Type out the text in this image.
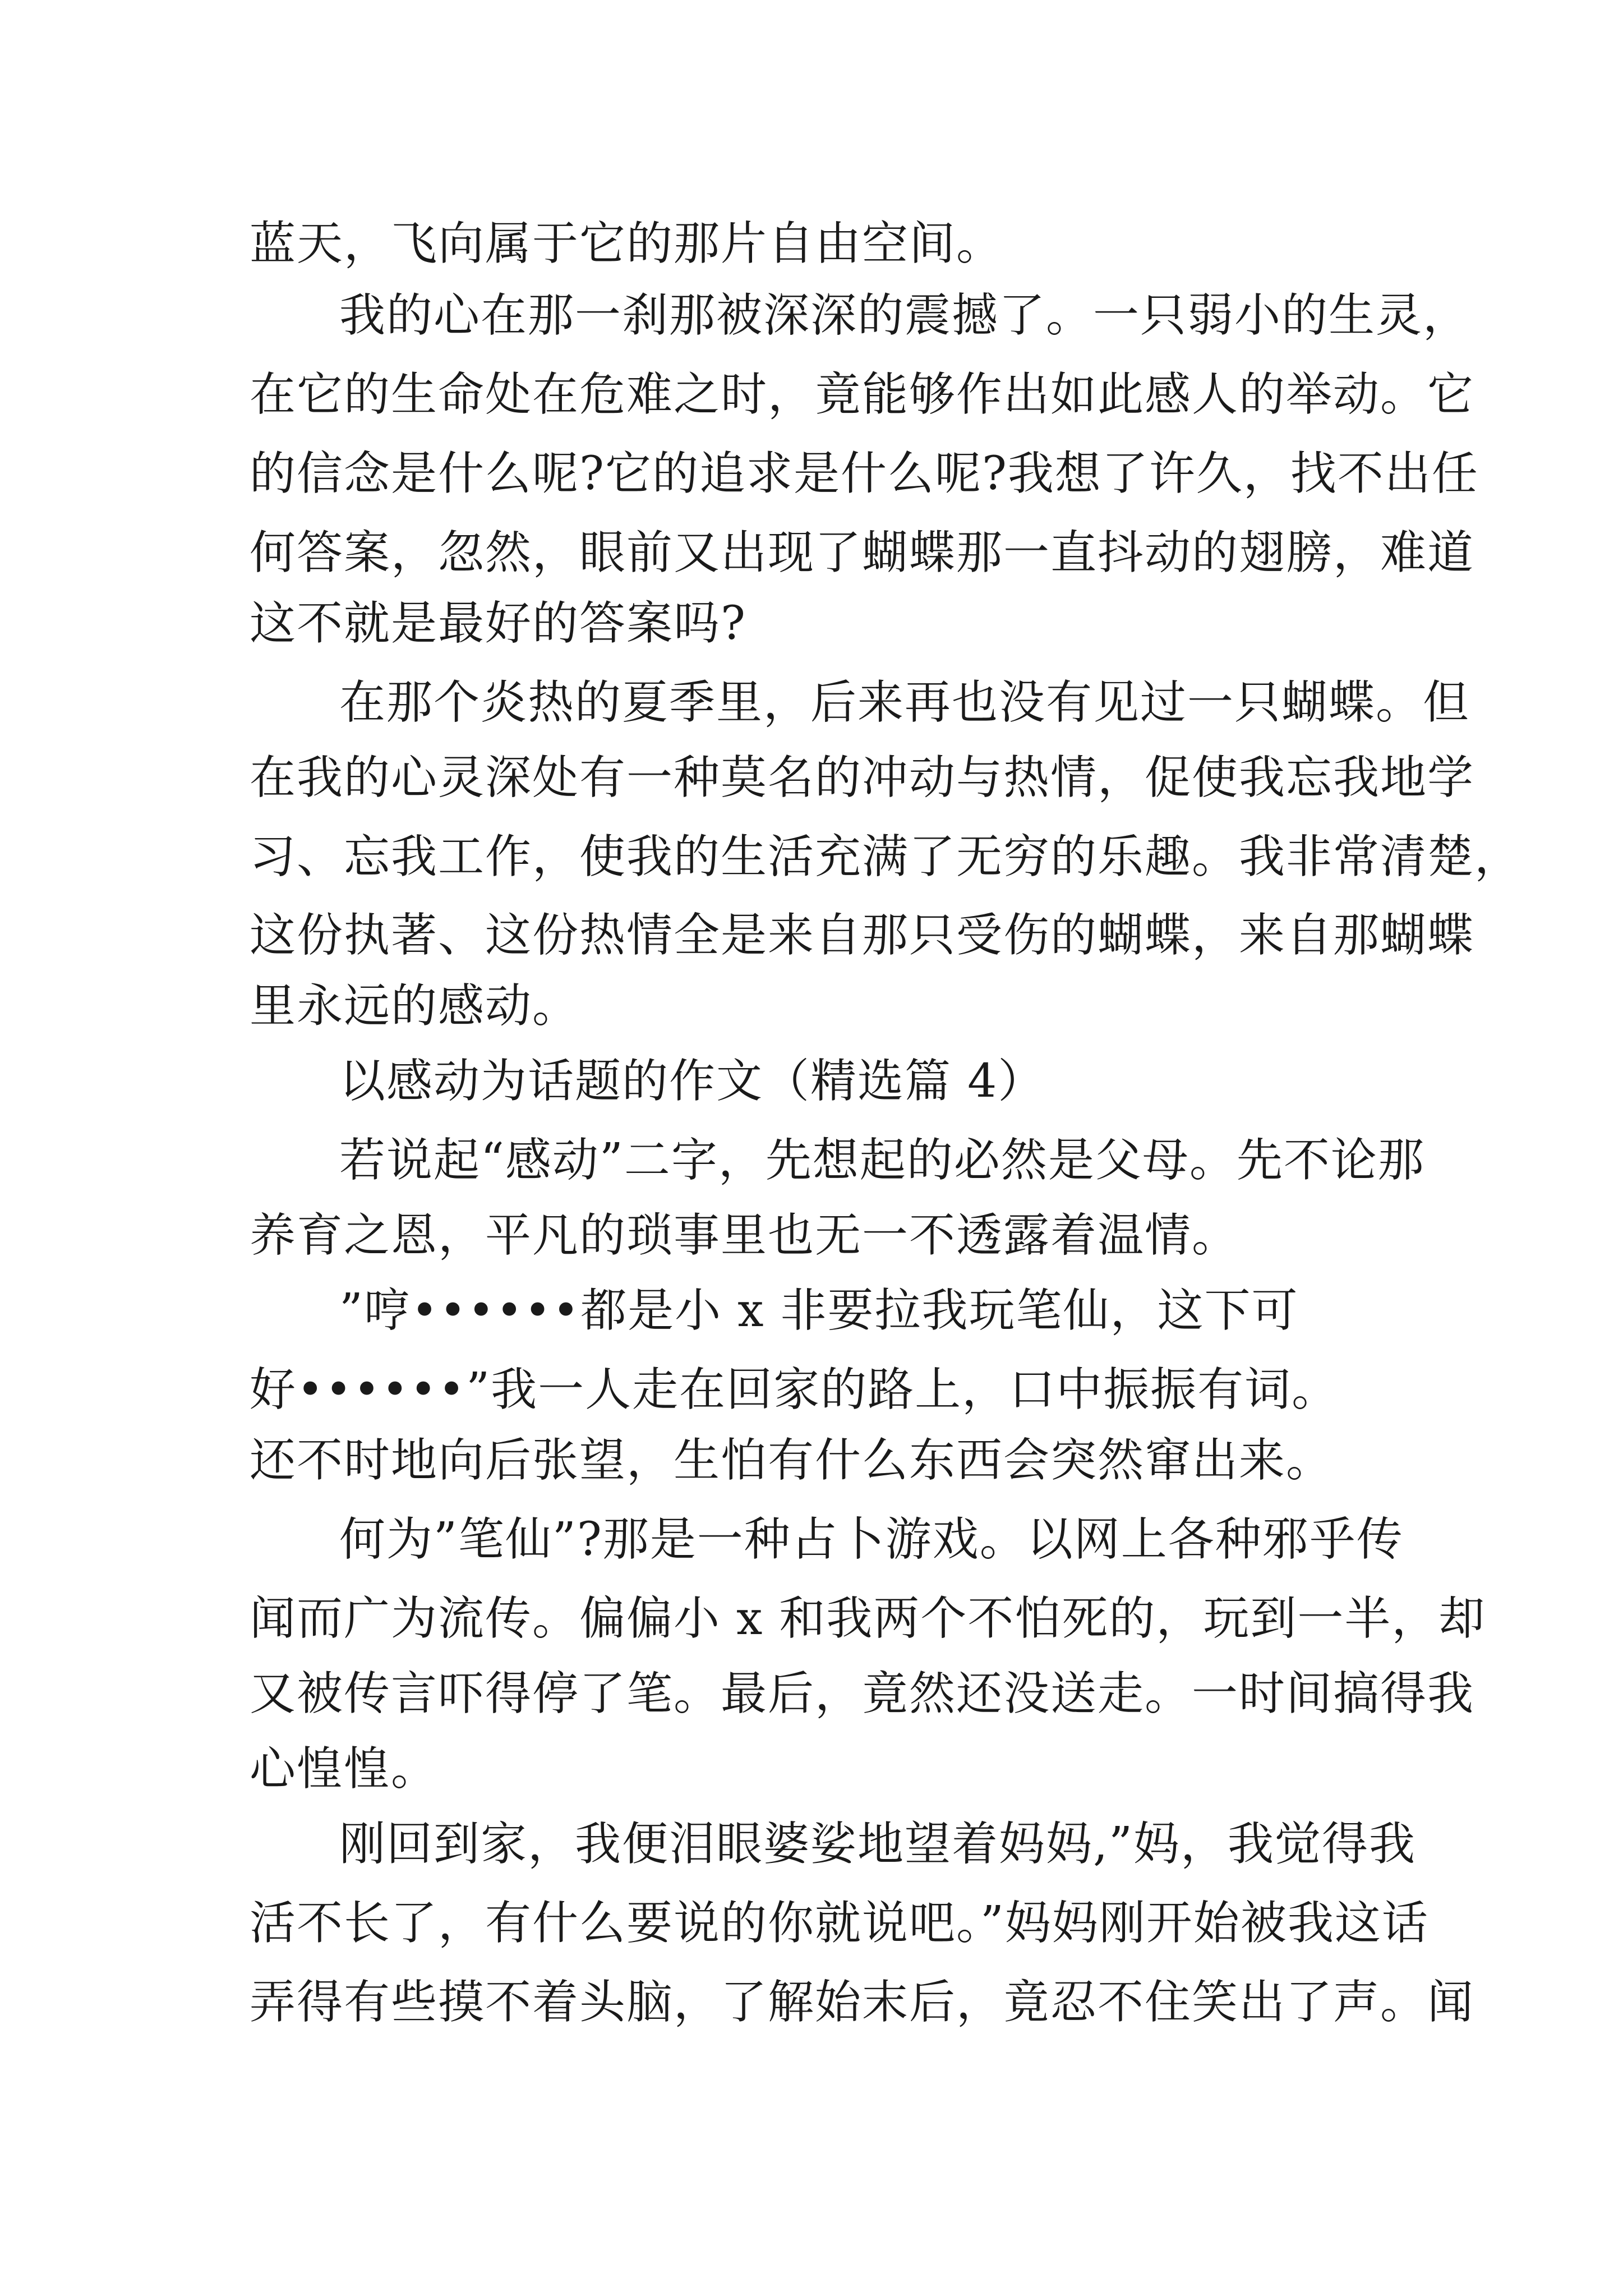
蓝天，飞向属于它的那片自由空间。
我的心在那一刹那被深深的震撼了。一只弱小的生灵，
在它的生命处在危难之时，竟能够作出如此感人的举动。它
的信念是什么呢?它的追求是什么呢?我想了许久，找不出任
何答案，忽然，眼前又出现了蝴蝶那一直抖动的翅膀，难道
这不就是最好的答案吗?
在那个炎热的夏季里，后来再也没有见过一只蝴蝶。但
在我的心灵深处有一种莫名的冲动与热情，促使我忘我地学
习、忘我工作，使我的生活充满了无穷的乐趣。我非常清楚，
这份执著、这份热情全是来自那只受伤的蝴蝶，来自那蝴蝶
里永远的感动。
以感动为话题的作文（精选篇 4）
若说起“感动”二字，先想起的必然是父母。先不论那
养育之恩，平凡的琐事里也无一不透露着温情。
”哼••••••都是小 x 非要拉我玩笔仙，这下可
好••••••”我一人走在回家的路上，口中振振有词。
还不时地向后张望，生怕有什么东西会突然窜出来。
何为”笔仙”?那是一种占卜游戏。以网上各种邪乎传
闻而广为流传。偏偏小 x 和我两个不怕死的，玩到一半，却
又被传言吓得停了笔。最后，竟然还没送走。一时间搞得我
心惶惶。
刚回到家，我便泪眼婆娑地望着妈妈,”妈，我觉得我
活不长了，有什么要说的你就说吧。”妈妈刚开始被我这话
弄得有些摸不着头脑，了解始末后，竟忍不住笑出了声。闻
